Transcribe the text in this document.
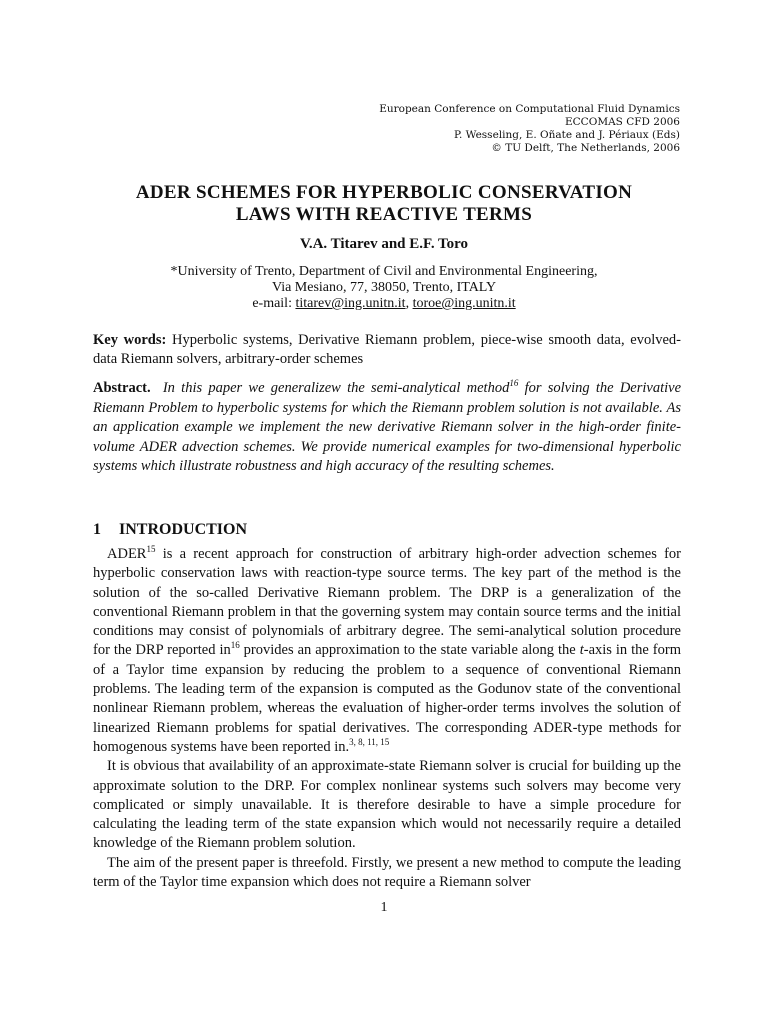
European Conference on Computational Fluid Dynamics
ECCOMAS CFD 2006
P. Wesseling, E. Oñate and J. Périaux (Eds)
© TU Delft, The Netherlands, 2006
ADER SCHEMES FOR HYPERBOLIC CONSERVATION
LAWS WITH REACTIVE TERMS
V.A. Titarev and E.F. Toro
*University of Trento, Department of Civil and Environmental Engineering,
Via Mesiano, 77, 38050, Trento, ITALY
e-mail: titarev@ing.unitn.it, toroe@ing.unitn.it
Key words: Hyperbolic systems, Derivative Riemann problem, piece-wise smooth data, evolved-data Riemann solvers, arbitrary-order schemes
Abstract. In this paper we generalizew the semi-analytical method$^{16}$ for solving the Derivative Riemann Problem to hyperbolic systems for which the Riemann problem solution is not available. As an application example we implement the new derivative Riemann solver in the high-order finite-volume ADER advection schemes. We provide numerical examples for two-dimensional hyperbolic systems which illustrate robustness and high accuracy of the resulting schemes.
1 INTRODUCTION

ADER$^{15}$ is a recent approach for construction of arbitrary high-order advection schemes for hyperbolic conservation laws with reaction-type source terms. The key part of the method is the solution of the so-called Derivative Riemann problem. The DRP is a generalization of the conventional Riemann problem in that the governing system may contain source terms and the initial conditions may consist of polynomials of arbitrary degree. The semi-analytical solution procedure for the DRP reported $in^{16}$ provides an approximation to the state variable along the t-axis in the form of a Taylor time expansion by reducing the problem to a sequence of conventional Riemann problems. The leading term of the expansion is computed as the Godunov state of the conventional nonlinear Riemann problem, whereas the evaluation of higher-order terms involves the solution of linearized Riemann problems for spatial derivatives. The corresponding ADER-type methods for homogenous systems have been reported in.$^{3, 8, 11, 15}$

It is obvious that availability of an approximate-state Riemann solver is crucial for building up the approximate solution to the DRP. For complex nonlinear systems such solvers may become very complicated or simply unavailable. It is therefore desirable to have a simple procedure for calculating the leading term of the state expansion which would not necessarily require a detailed knowledge of the Riemann problem solution.

The aim of the present paper is threefold. Firstly, we present a new method to compute the leading term of the Taylor time expansion which does not require a Riemann solver

1
